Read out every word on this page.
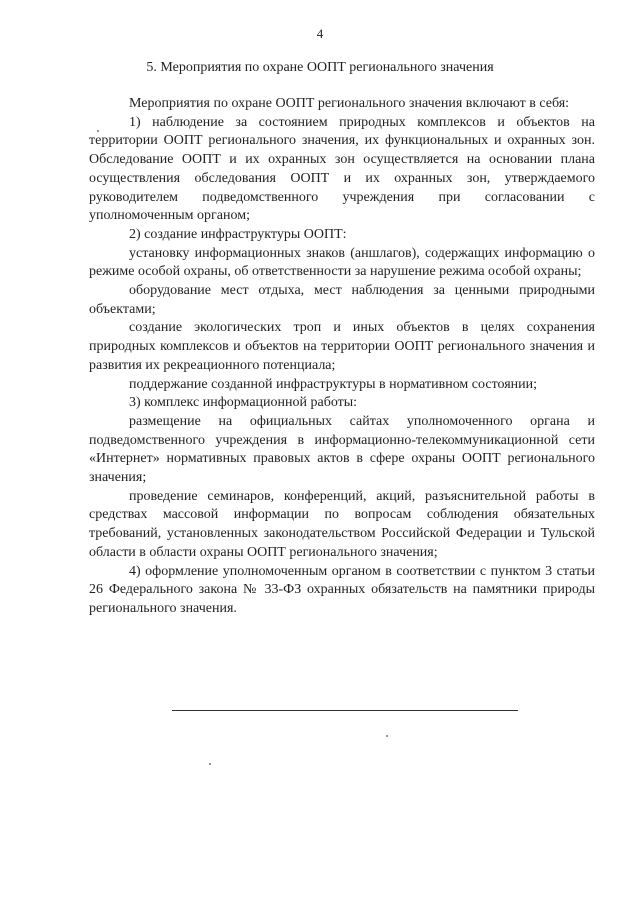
4
5. Мероприятия по охране ООПТ регионального значения

Мероприятия по охране ООПТ регионального значения включают в себя:

1) наблюдение за состоянием природных комплексов и объектов на территории ООПТ регионального значения, их функциональных и охранных зон. Обследование ООПТ и их охранных зон осуществляется на основании плана осуществления обследования ООПТ и их охранных зон, утверждаемого руководителем подведомственного учреждения при согласовании с уполномоченным органом;

2) создание инфраструктуры ООПТ:

установку информационных знаков (аншлагов), содержащих информацию о режиме особой охраны, об ответственности за нарушение режима особой охраны;

оборудование мест отдыха, мест наблюдения за ценными природными объектами;

создание экологических троп и иных объектов в целях сохранения природных комплексов и объектов на территории ООПТ регионального значения и развития их рекреационного потенциала;

поддержание созданной инфраструктуры в нормативном состоянии;

3) комплекс информационной работы:

размещение на официальных сайтах уполномоченного органа и подведомственного учреждения в информационно-телекоммуникационной сети «Интернет» нормативных правовых актов в сфере охраны ООПТ регионального значения;

проведение семинаров, конференций, акций, разъяснительной работы в средствах массовой информации по вопросам соблюдения обязательных требований, установленных законодательством Российской Федерации и Тульской области в области охраны ООПТ регионального значения;

4) оформление уполномоченным органом в соответствии с пунктом 3 статьи 26 Федерального закона № 33-ФЗ охранных обязательств на памятники природы регионального значения.
